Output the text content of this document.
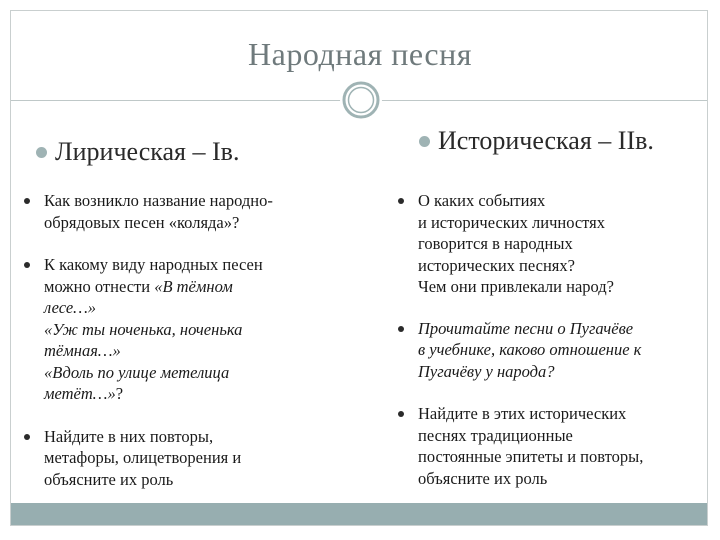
Народная песня
Лирическая – Iв.	Историческая – IIв.
Как возникло название народно-
обрядовых песен «коляда»?
К какому виду народных песен
можно отнести «В тёмном
лесе…»
«Уж ты ноченька, ноченька
тёмная…»
«Вдоль по улице метелица
метёт…»?
Найдите в них повторы,
метафоры, олицетворения и
объясните их роль
О каких событиях
и исторических личностях
говорится в народных
исторических песнях?
Чем они привлекали народ?
Прочитайте песни о Пугачёве
в учебнике, каково отношение к
Пугачёву у народа?
Найдите в этих исторических
песнях традиционные
постоянные эпитеты и повторы,
объясните их роль
